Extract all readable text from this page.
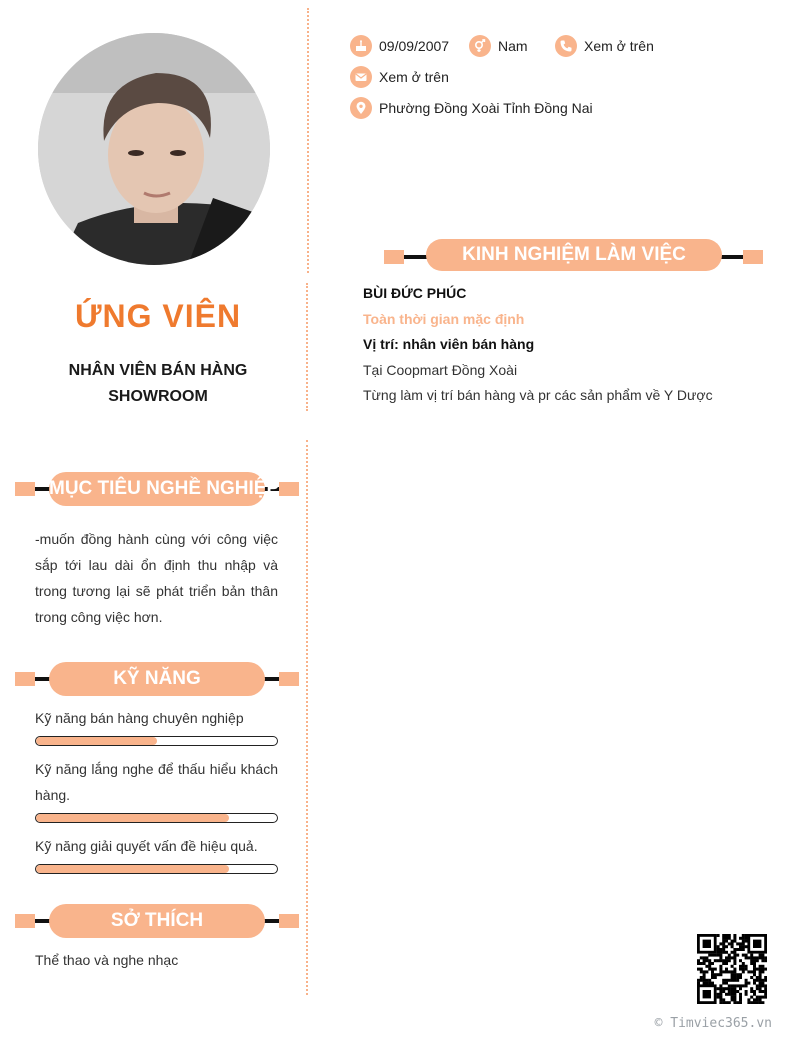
ỨNG VIÊN
NHÂN VIÊN BÁN HÀNG SHOWROOM
MỤC TIÊU NGHỀ NGHIỆP
-muốn đồng hành cùng với công việc sắp tới lau dài ổn định thu nhập và trong tương lại sẽ phát triển bản thân trong công việc hơn.
KỸ NĂNG
Kỹ năng bán hàng chuyên nghiệp
Kỹ năng lắng nghe để thấu hiểu khách hàng.
Kỹ năng giải quyết vấn đề hiệu quả.
SỞ THÍCH
Thể thao và nghe nhạc
09/09/2007	Nam	Xem ở trên
Xem ở trên
Phường Đồng Xoài Tỉnh Đồng Nai
KINH NGHIỆM LÀM VIỆC
BÙI ĐỨC PHÚC
Toàn thời gian mặc định
Vị trí: nhân viên bán hàng
Tại Coopmart Đồng Xoài
Từng làm vị trí bán hàng và pr các sản phẩm về Y Dược
© Timviec365.vn
